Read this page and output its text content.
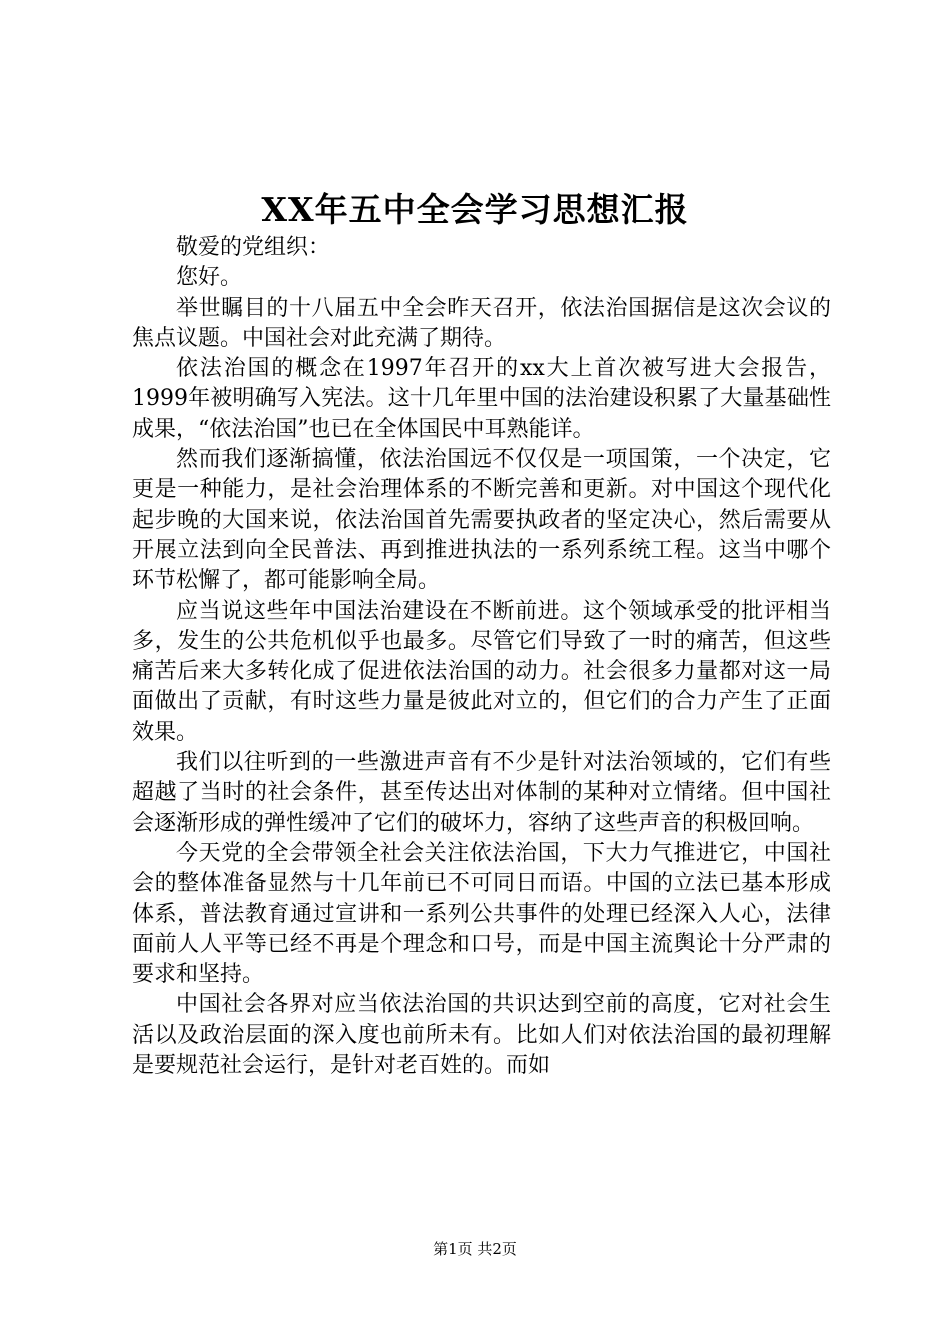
XX年五中全会学习思想汇报

敬爱的党组织：

您好。

举世瞩目的十八届五中全会昨天召开，依法治国据信是这次会议的焦点议题。中国社会对此充满了期待。

依法治国的概念在1997年召开的xx大上首次被写进大会报告，1999年被明确写入宪法。这十几年里中国的法治建设积累了大量基础性成果，“依法治国”也已在全体国民中耳熟能详。

然而我们逐渐搞懂，依法治国远不仅仅是一项国策，一个决定，它更是一种能力，是社会治理体系的不断完善和更新。对中国这个现代化起步晚的大国来说，依法治国首先需要执政者的坚定决心，然后需要从开展立法到向全民普法、再到推进执法的一系列系统工程。这当中哪个环节松懈了，都可能影响全局。

应当说这些年中国法治建设在不断前进。这个领域承受的批评相当多，发生的公共危机似乎也最多。尽管它们导致了一时的痛苦，但这些痛苦后来大多转化成了促进依法治国的动力。社会很多力量都对这一局面做出了贡献，有时这些力量是彼此对立的，但它们的合力产生了正面效果。

我们以往听到的一些激进声音有不少是针对法治领域的，它们有些超越了当时的社会条件，甚至传达出对体制的某种对立情绪。但中国社会逐渐形成的弹性缓冲了它们的破坏力，容纳了这些声音的积极回响。

今天党的全会带领全社会关注依法治国，下大力气推进它，中国社会的整体准备显然与十几年前已不可同日而语。中国的立法已基本形成体系，普法教育通过宣讲和一系列公共事件的处理已经深入人心，法律面前人人平等已经不再是个理念和口号，而是中国主流舆论十分严肃的要求和坚持。

中国社会各界对应当依法治国的共识达到空前的高度，它对社会生活以及政治层面的深入度也前所未有。比如人们对依法治国的最初理解是要规范社会运行，是针对老百姓的。而如

第1页 共2页
